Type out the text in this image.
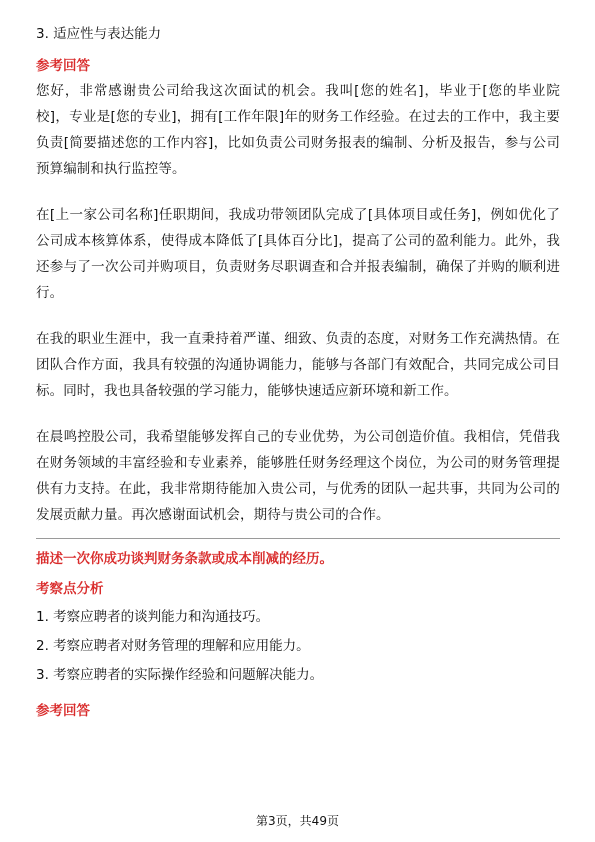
3. 适应性与表达能力
参考回答

您好，非常感谢贵公司给我这次面试的机会。我叫[您的姓名]，毕业于[您的毕业院校]，专业是[您的专业]，拥有[工作年限]年的财务工作经验。在过去的工作中，我主要负责[简要描述您的工作内容]，比如负责公司财务报表的编制、分析及报告，参与公司预算编制和执行监控等。

在[上一家公司名称]任职期间，我成功带领团队完成了[具体项目或任务]，例如优化了公司成本核算体系，使得成本降低了[具体百分比]，提高了公司的盈利能力。此外，我还参与了一次公司并购项目，负责财务尽职调查和合并报表编制，确保了并购的顺利进行。

在我的职业生涯中，我一直秉持着严谨、细致、负责的态度，对财务工作充满热情。在团队合作方面，我具有较强的沟通协调能力，能够与各部门有效配合，共同完成公司目标。同时，我也具备较强的学习能力，能够快速适应新环境和新工作。

在晨鸣控股公司，我希望能够发挥自己的专业优势，为公司创造价值。我相信，凭借我在财务领域的丰富经验和专业素养，能够胜任财务经理这个岗位，为公司的财务管理提供有力支持。在此，我非常期待能加入贵公司，与优秀的团队一起共事，共同为公司的发展贡献力量。再次感谢面试机会，期待与贵公司的合作。

描述一次你成功谈判财务条款或成本削减的经历。
考察点分析
1. 考察应聘者的谈判能力和沟通技巧。
2. 考察应聘者对财务管理的理解和应用能力。
3. 考察应聘者的实际操作经验和问题解决能力。
参考回答
第3页，共49页
